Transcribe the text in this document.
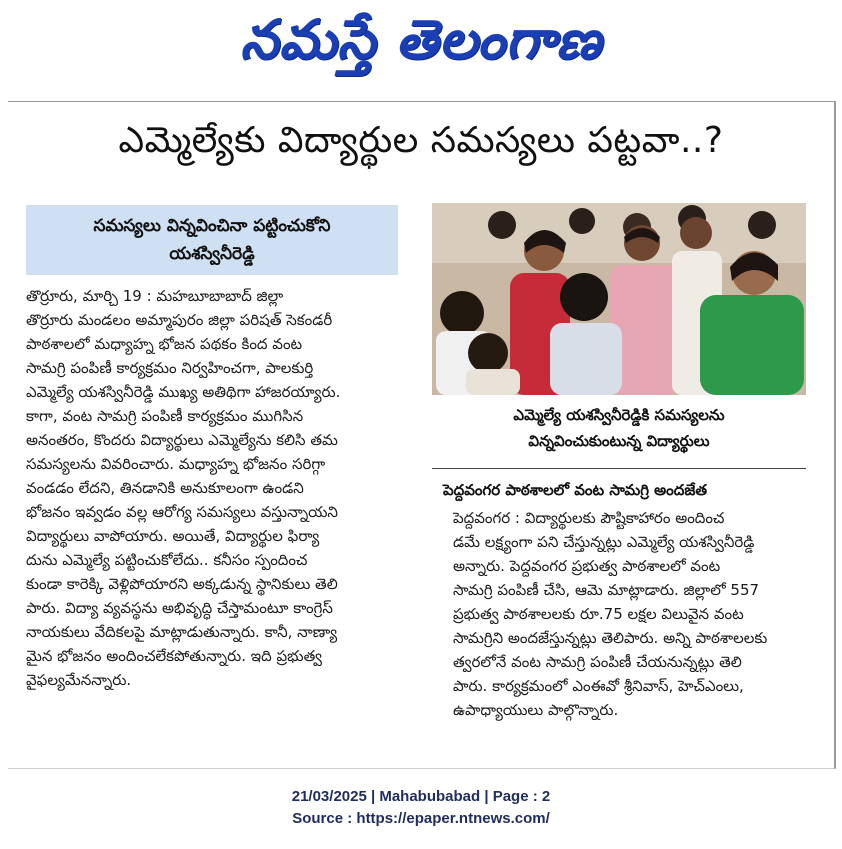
నమస్తే తెలంగాణ
ఎమ్మెల్యేకు విద్యార్థుల సమస్యలు పట్టవా..?
సమస్యలు విన్నవించినా పట్టించుకోని
యశస్వినీరెడ్డి
తొర్రూరు, మార్చి 19 : మహబూబాబాద్ జిల్లా
తొర్రూరు మండలం అమ్మాపురం జిల్లా పరిషత్ సెకండరీ
పాఠశాలలో మధ్యాహ్న భోజన పథకం కింద వంట
సామగ్రి పంపిణీ కార్యక్రమం నిర్వహించగా, పాలకుర్తి
ఎమ్మెల్యే యశస్వినీరెడ్డి ముఖ్య అతిథిగా హాజరయ్యారు.
కాగా, వంట సామగ్రి పంపిణీ కార్యక్రమం ముగిసిన
అనంతరం, కొందరు విద్యార్థులు ఎమ్మెల్యేను కలిసి తమ
సమస్యలను వివరించారు. మధ్యాహ్న భోజనం సరిగ్గా
వండడం లేదని, తినడానికి అనుకూలంగా ఉండని
భోజనం ఇవ్వడం వల్ల ఆరోగ్య సమస్యలు వస్తున్నాయని
విద్యార్థులు వాపోయారు. అయితే, విద్యార్థుల ఫిర్యా
దును ఎమ్మెల్యే పట్టించుకోలేదు.. కనీసం స్పందించ
కుండా కారెక్కి వెళ్లిపోయారని అక్కడున్న స్థానికులు తెలి
పారు. విద్యా వ్యవస్థను అభివృద్ధి చేస్తామంటూ కాంగ్రెస్
నాయకులు వేదికలపై మాట్లాడుతున్నారు. కానీ, నాణ్యా
మైన భోజనం అందించలేకపోతున్నారు. ఇది ప్రభుత్వ
వైఫల్యమేనన్నారు.
ఎమ్మెల్యే యశస్వినీరెడ్డికి సమస్యలను
విన్నవించుకుంటున్న విద్యార్థులు
పెద్దవంగర పాఠశాలలో వంట సామగ్రి అందజేత
పెద్దవంగర : విద్యార్థులకు పౌష్టికాహారం అందించ
డమే లక్ష్యంగా పని చేస్తున్నట్లు ఎమ్మెల్యే యశస్వినీరెడ్డి
అన్నారు. పెద్దవంగర ప్రభుత్వ పాఠశాలలో వంట
సామగ్రి పంపిణీ చేసి, ఆమె మాట్లాడారు. జిల్లాలో 557
ప్రభుత్వ పాఠశాలలకు రూ.75 లక్షల విలువైన వంట
సామగ్రిని అందజేస్తున్నట్లు తెలిపారు. అన్ని పాఠశాలలకు
త్వరలోనే వంట సామగ్రి పంపిణీ చేయనున్నట్లు తెలి
పారు. కార్యక్రమంలో ఎంఈవో శ్రీనివాస్, హెచ్ఎంలు,
ఉపాధ్యాయులు పాల్గొన్నారు.
21/03/2025 | Mahabubabad | Page : 2
Source : https://epaper.ntnews.com/
